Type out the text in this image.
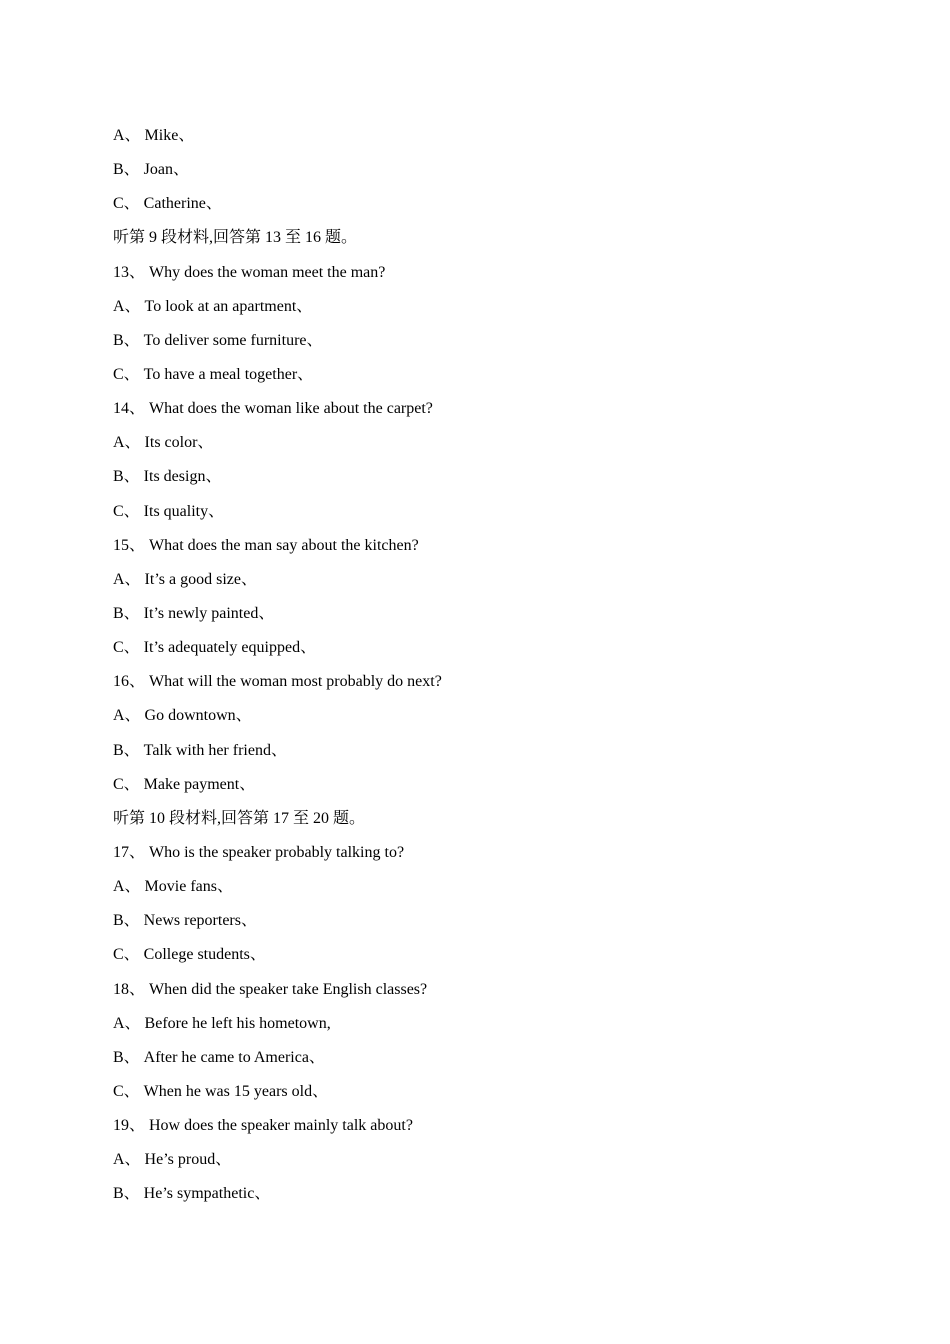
A、 Mike、
B、 Joan、
C、 Catherine、
听第 9 段材料,回答第 13 至 16 题。
13、 Why does the woman meet the man?
A、 To look at an apartment、
B、 To deliver some furniture、
C、 To have a meal together、
14、 What does the woman like about the carpet?
A、 Its color、
B、 Its design、
C、 Its quality、
15、 What does the man say about the kitchen?
A、 It’s a good size、
B、 It’s newly painted、
C、 It’s adequately equipped、
16、 What will the woman most probably do next?
A、 Go downtown、
B、 Talk with her friend、
C、 Make payment、
听第 10 段材料,回答第 17 至 20 题。
17、 Who is the speaker probably talking to?
A、 Movie fans、
B、 News reporters、
C、 College students、
18、 When did the speaker take English classes?
A、 Before he left his hometown,
B、 After he came to America、
C、 When he was 15 years old、
19、 How does the speaker mainly talk about?
A、 He’s proud、
B、 He’s sympathetic、
